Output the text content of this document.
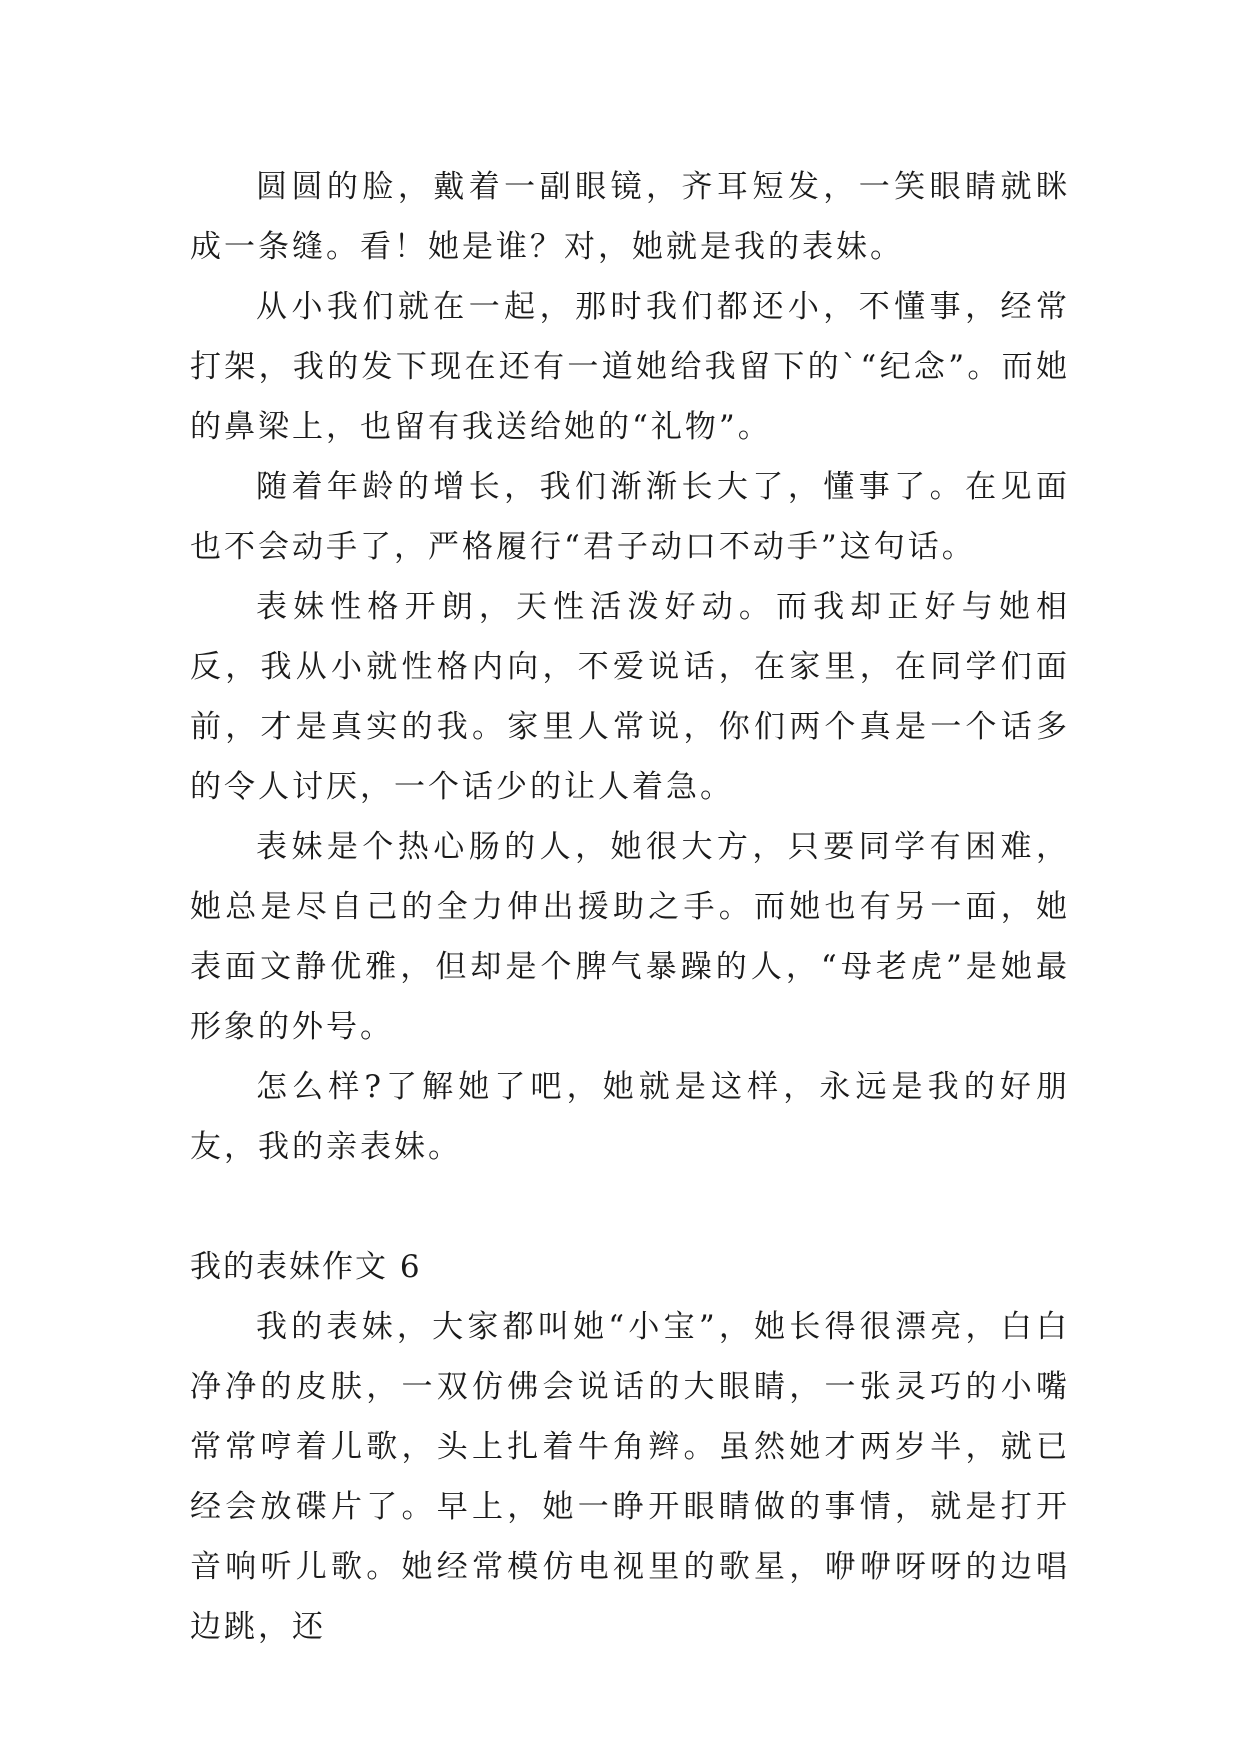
圆圆的脸，戴着一副眼镜，齐耳短发，一笑眼睛就眯成一条缝。看！她是谁？对，她就是我的表妹。

从小我们就在一起，那时我们都还小，不懂事，经常打架，我的发下现在还有一道她给我留下的`“纪念”。而她的鼻梁上，也留有我送给她的“礼物”。

随着年龄的增长，我们渐渐长大了，懂事了。在见面也不会动手了，严格履行“君子动口不动手”这句话。

表妹性格开朗，天性活泼好动。而我却正好与她相反，我从小就性格内向，不爱说话，在家里，在同学们面前，才是真实的我。家里人常说，你们两个真是一个话多的令人讨厌，一个话少的让人着急。

表妹是个热心肠的人，她很大方，只要同学有困难，她总是尽自己的全力伸出援助之手。而她也有另一面，她表面文静优雅，但却是个脾气暴躁的人，“母老虎”是她最形象的外号。

怎么样?了解她了吧，她就是这样，永远是我的好朋友，我的亲表妹。

我的表妹作文 6

我的表妹，大家都叫她“小宝”，她长得很漂亮，白白净净的皮肤，一双仿佛会说话的大眼睛，一张灵巧的小嘴常常哼着儿歌，头上扎着牛角辫。虽然她才两岁半，就已经会放碟片了。早上，她一睁开眼睛做的事情，就是打开音响听儿歌。她经常模仿电视里的歌星，咿咿呀呀的边唱边跳，还
